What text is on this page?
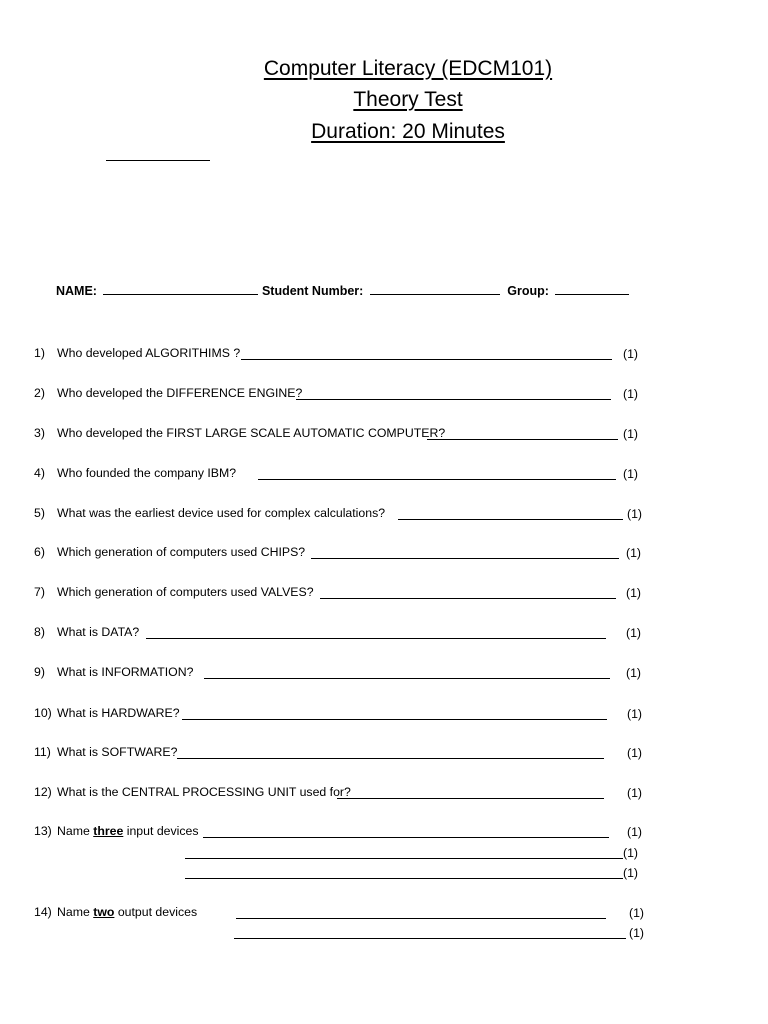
Computer Literacy (EDCM101)
Theory Test
Duration: 20 Minutes
NAME:	Student Number:	Group:
1) Who developed ALGORITHIMS ?	(1)
2) Who developed the DIFFERENCE ENGINE?	(1)
3) Who developed the FIRST LARGE SCALE AUTOMATIC COMPUTER?	(1)
4) Who founded the company IBM?	(1)
5) What was the earliest device used for complex calculations?	(1)
6) Which generation of computers used CHIPS?	(1)
7) Which generation of computers used VALVES?	(1)
8) What is DATA?	(1)
9) What is INFORMATION?	(1)
10) What is HARDWARE?	(1)
11) What is SOFTWARE?	(1)
12) What is the CENTRAL PROCESSING UNIT used for?	(1)
13) Name three input devices	(1)
(1)
(1)
14) Name two output devices	(1)
(1)
